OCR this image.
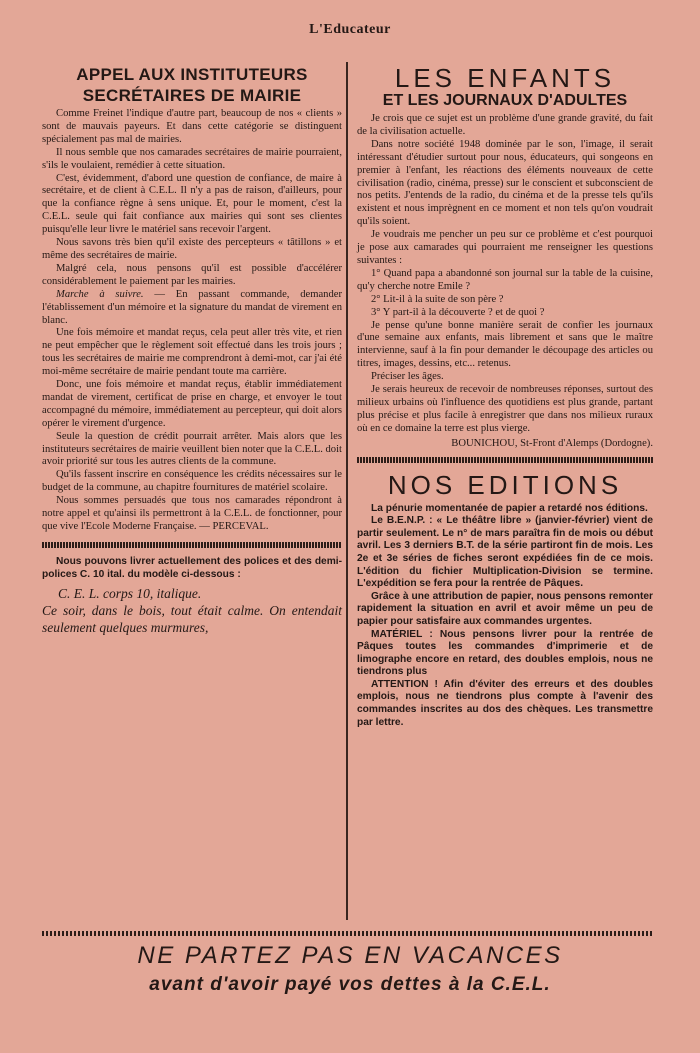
L'Educateur
APPEL AUX INSTITUTEURS
SECRÉTAIRES DE MAIRIE

Comme Freinet l'indique d'autre part, beaucoup de nos « clients » sont de mauvais payeurs. Et dans cette catégorie se distinguent spécialement pas mal de mairies.

Il nous semble que nos camarades secrétaires de mairie pourraient, s'ils le voulaient, remédier à cette situation.

C'est, évidemment, d'abord une question de confiance, de maire à secrétaire, et de client à C.E.L. Il n'y a pas de raison, d'ailleurs, pour que la confiance règne à sens unique. Et, pour le moment, c'est la C.E.L. seule qui fait confiance aux mairies qui sont ses clientes puisqu'elle leur livre le matériel sans recevoir l'argent.

Nous savons très bien qu'il existe des percepteurs « tâtillons » et même des secrétaires de mairie.

Malgré cela, nous pensons qu'il est possible d'accélérer considérablement le paiement par les mairies.

Marche à suivre. — En passant commande, demander l'établissement d'un mémoire et la signature du mandat de virement en blanc.

Une fois mémoire et mandat reçus, cela peut aller très vite, et rien ne peut empêcher que le règlement soit effectué dans les trois jours ; tous les secrétaires de mairie me comprendront à demi-mot, car j'ai été moi-même secrétaire de mairie pendant toute ma carrière.

Donc, une fois mémoire et mandat reçus, établir immédiatement mandat de virement, certificat de prise en charge, et envoyer le tout accompagné du mémoire, immédiatement au percepteur, qui doit alors opérer le virement d'urgence.

Seule la question de crédit pourrait arrêter. Mais alors que les instituteurs secrétaires de mairie veuillent bien noter que la C.E.L. doit avoir priorité sur tous les autres clients de la commune.

Qu'ils fassent inscrire en conséquence les crédits nécessaires sur le budget de la commune, au chapitre fournitures de matériel scolaire.

Nous sommes persuadés que tous nos camarades répondront à notre appel et qu'ainsi ils permettront à la C.E.L. de fonctionner, pour que vive l'Ecole Moderne Française. — PERCEVAL.

Nous pouvons livrer actuellement des polices et des demi-polices C. 10 ital. du modèle ci-dessous :

C. E. L. corps 10, italique.
Ce soir, dans le bois, tout était calme. On entendait seulement quelques murmures,
LES ENFANTS
ET LES JOURNAUX D'ADULTES

Je crois que ce sujet est un problème d'une grande gravité, du fait de la civilisation actuelle.

Dans notre société 1948 dominée par le son, l'image, il serait intéressant d'étudier surtout pour nous, éducateurs, qui songeons en premier à l'enfant, les réactions des éléments nouveaux de cette civilisation (radio, cinéma, presse) sur le conscient et subconscient de nos petits. J'entends de la radio, du cinéma et de la presse tels qu'ils existent et nous imprègnent en ce moment et non tels qu'on voudrait qu'ils soient.

Je voudrais me pencher un peu sur ce problème et c'est pourquoi je pose aux camarades qui pourraient me renseigner les questions suivantes :

1° Quand papa a abandonné son journal sur la table de la cuisine, qu'y cherche notre Emile ?

2° Lit-il à la suite de son père ?

3° Y part-il à la découverte ? et de quoi ?

Je pense qu'une bonne manière serait de confier les journaux d'une semaine aux enfants, mais librement et sans que le maître intervienne, sauf à la fin pour demander le découpage des articles ou titres, images, dessins, etc... retenus.

Préciser les âges.

Je serais heureux de recevoir de nombreuses réponses, surtout des milieux urbains où l'influence des quotidiens est plus grande, partant plus précise et plus facile à enregistrer que dans nos milieux ruraux où en ce domaine la terre est plus vierge.

BOUNICHOU, St-Front d'Alemps (Dordogne).

NOS EDITIONS

La pénurie momentanée de papier a retardé nos éditions.

Le B.E.N.P. : « Le théâtre libre » (janvier-février) vient de partir seulement. Le n° de mars paraîtra fin de mois ou début avril. Les 3 derniers B.T. de la série partiront fin de mois. Les 2e et 3e séries de fiches seront expédiées fin de ce mois. L'édition du fichier Multiplication-Division se termine. L'expédition se fera pour la rentrée de Pâques.

Grâce à une attribution de papier, nous pensons remonter rapidement la situation en avril et avoir même un peu de papier pour satisfaire aux commandes urgentes.

MATÉRIEL : Nous pensons livrer pour la rentrée de Pâques toutes les commandes d'imprimerie et de limographe encore en retard, des doubles emplois, nous ne tiendrons plus

ATTENTION ! Afin d'éviter des erreurs et des doubles emplois, nous ne tiendrons plus compte à l'avenir des commandes inscrites au dos des chèques. Les transmettre par lettre.

NE PARTEZ PAS EN VACANCES
avant d'avoir payé vos dettes à la C.E.L.
